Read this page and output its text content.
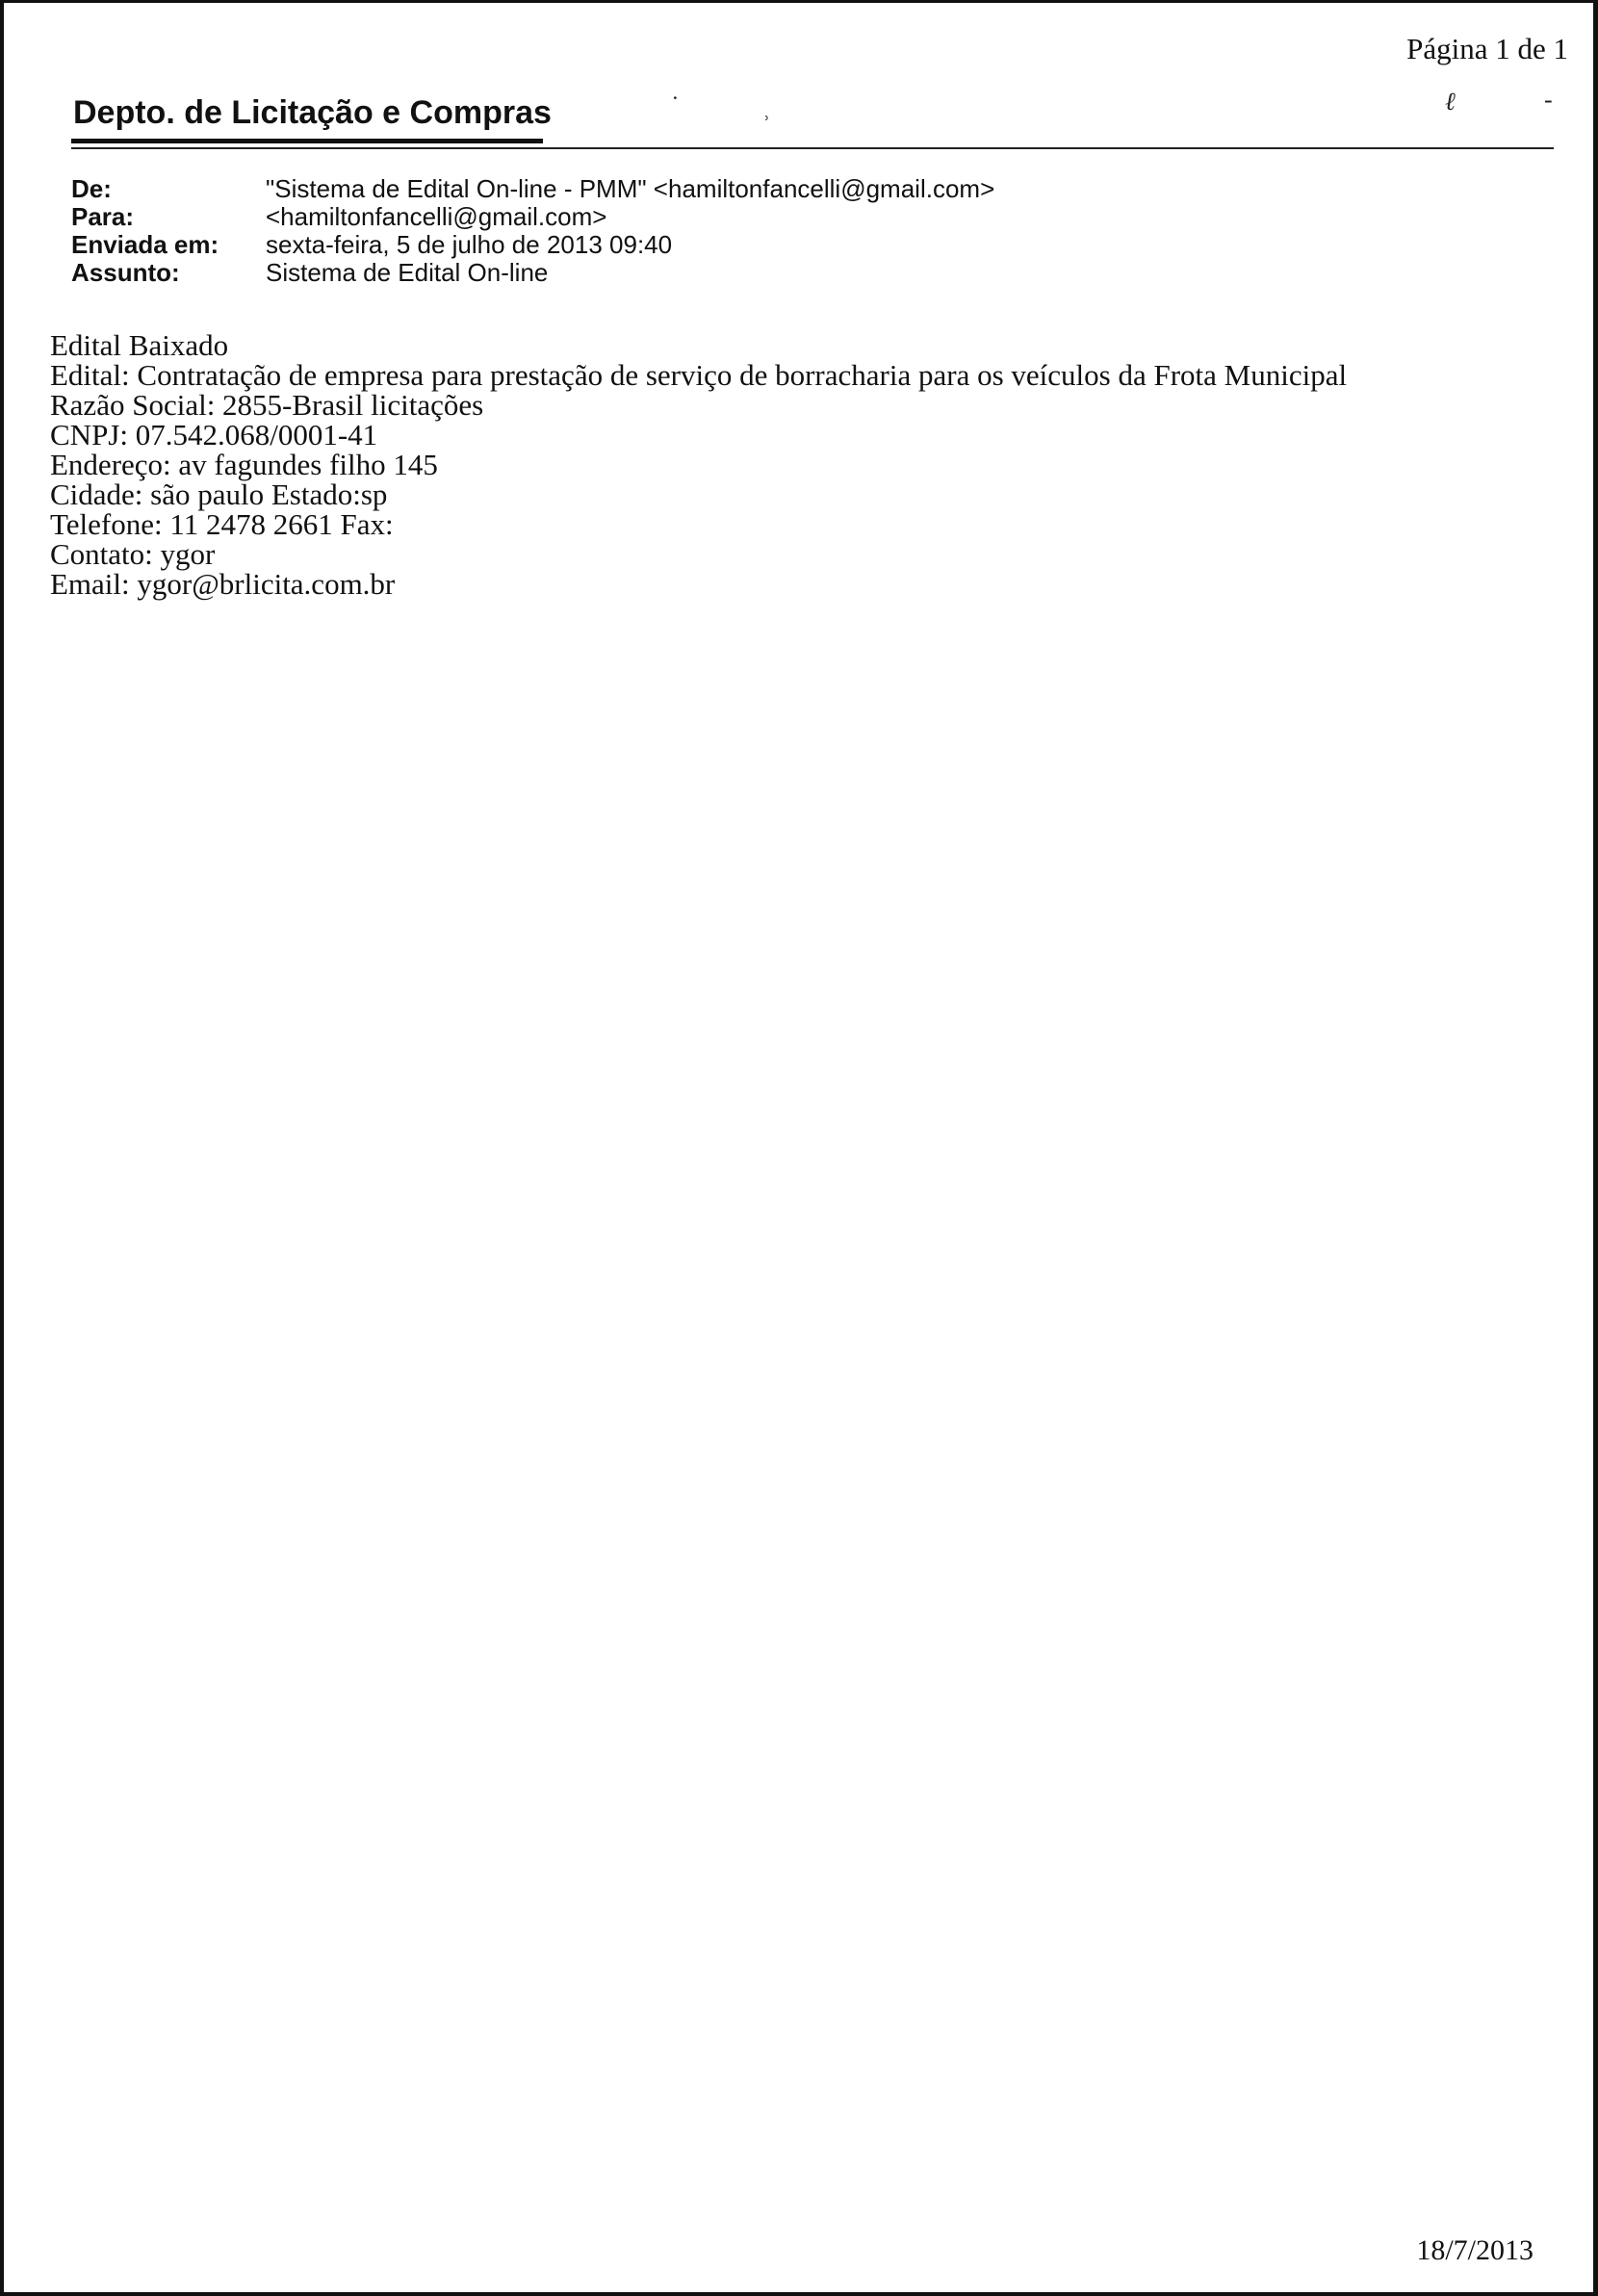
Página 1 de 1
Depto. de Licitação e Compras	˙	˒	ℓ	-
De:	"Sistema de Edital On-line - PMM" <hamiltonfancelli@gmail.com>
Para:	<hamiltonfancelli@gmail.com>
Enviada em:	sexta-feira, 5 de julho de 2013 09:40
Assunto:	Sistema de Edital On-line
Edital Baixado
Edital: Contratação de empresa para prestação de serviço de borracharia para os veículos da Frota Municipal
Razão Social: 2855-Brasil licitações
CNPJ: 07.542.068/0001-41
Endereço: av fagundes filho 145
Cidade: são paulo Estado:sp
Telefone: 11 2478 2661 Fax:
Contato: ygor
Email: ygor@brlicita.com.br
18/7/2013
